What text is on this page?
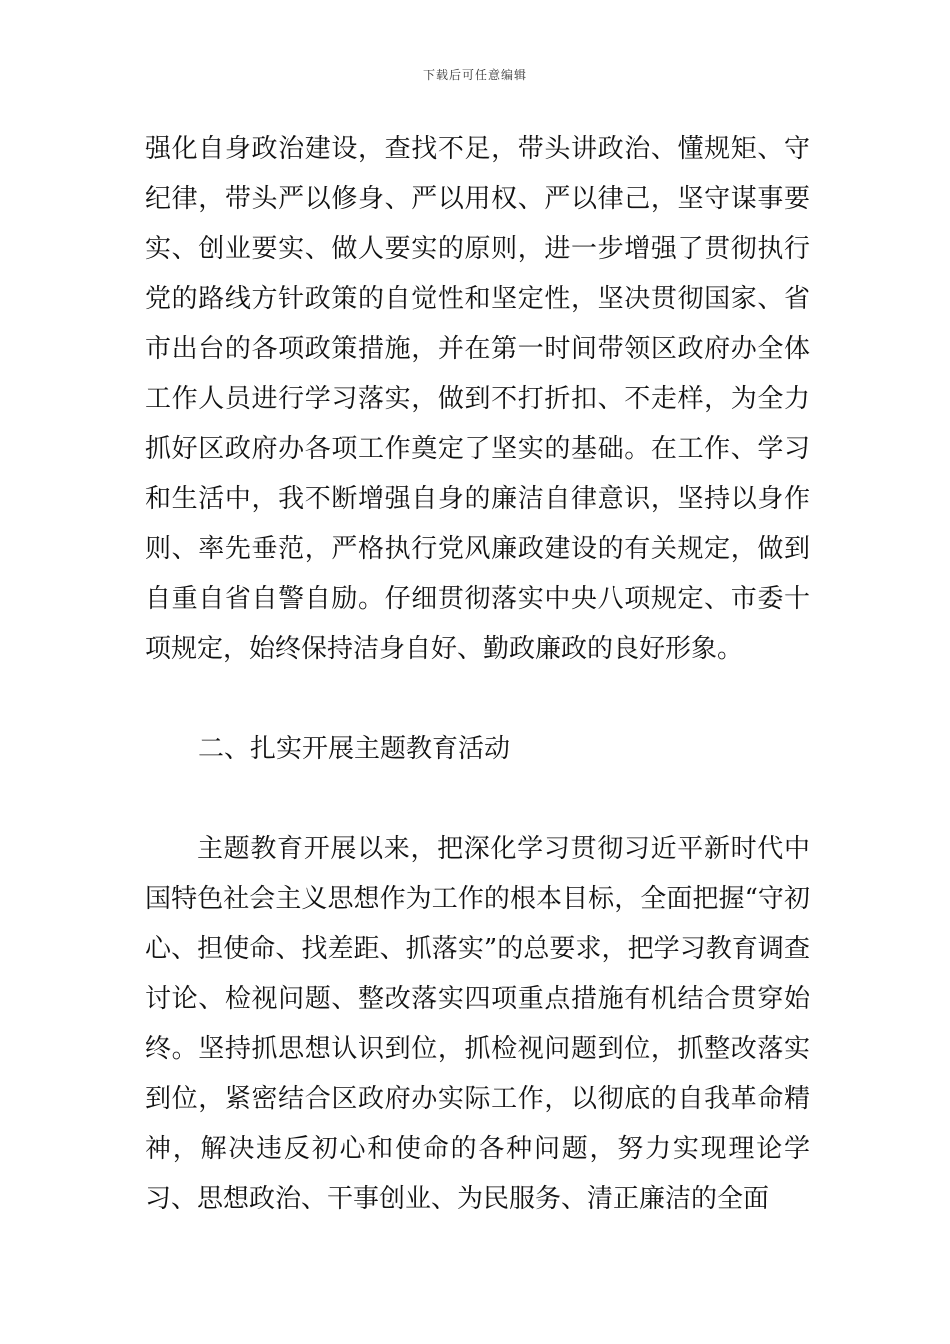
下载后可任意编辑

强化自身政治建设，查找不足，带头讲政治、懂规矩、守纪律，带头严以修身、严以用权、严以律己，坚守谋事要实、创业要实、做人要实的原则，进一步增强了贯彻执行党的路线方针政策的自觉性和坚定性，坚决贯彻国家、省市出台的各项政策措施，并在第一时间带领区政府办全体工作人员进行学习落实，做到不打折扣、不走样，为全力抓好区政府办各项工作奠定了坚实的基础。在工作、学习和生活中，我不断增强自身的廉洁自律意识，坚持以身作则、率先垂范，严格执行党风廉政建设的有关规定，做到自重自省自警自励。仔细贯彻落实中央八项规定、市委十项规定，始终保持洁身自好、勤政廉政的良好形象。

二、扎实开展主题教育活动

主题教育开展以来，把深化学习贯彻习近平新时代中国特色社会主义思想作为工作的根本目标，全面把握“守初心、担使命、找差距、抓落实”的总要求，把学习教育调查讨论、检视问题、整改落实四项重点措施有机结合贯穿始终。坚持抓思想认识到位，抓检视问题到位，抓整改落实到位，紧密结合区政府办实际工作，以彻底的自我革命精神，解决违反初心和使命的各种问题，努力实现理论学习、思想政治、干事创业、为民服务、清正廉洁的全面
